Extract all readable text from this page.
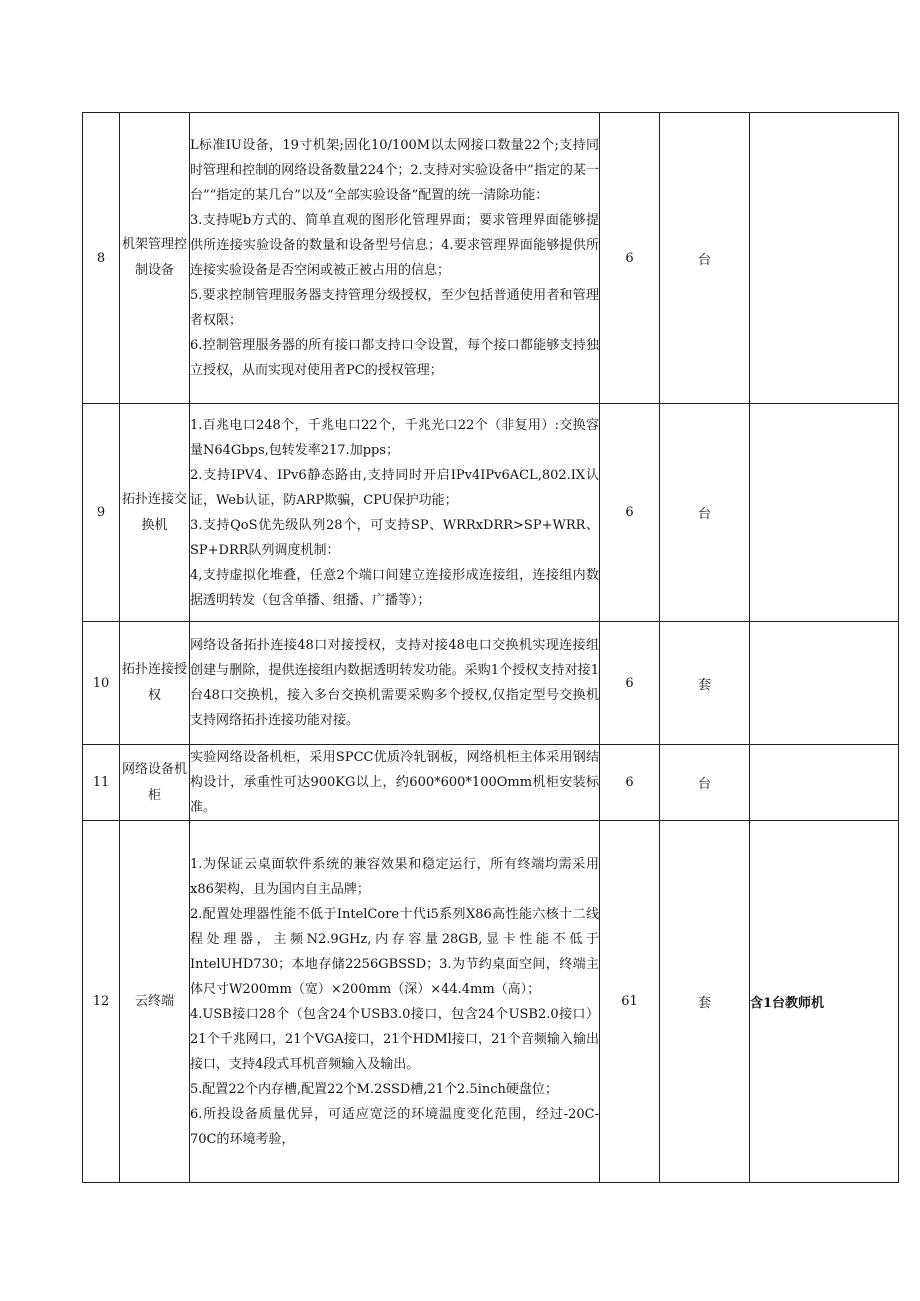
8	机架管理控制设备	L标准IU设备，19寸机架;固化10/100M以太网接口数量22个;支持同时管理和控制的网络设备数量224个；2.支持对实验设备中”指定的某一台”“指定的某几台”以及“全部实验设备”配置的统一清除功能：
3.支持呢b方式的、简单直观的图形化管理界面；要求管理界面能够提供所连接实验设备的数量和设备型号信息；4.要求管理界面能够提供所连接实验设备是否空闲或被正被占用的信息；
5.要求控制管理服务器支持管理分级授权，至少包括普通使用者和管理者权限；
6.控制管理服务器的所有接口都支持口令设置，每个接口都能够支持独立授权，从而实现对使用者PC的授权管理；	6	台	
9	拓扑连接交换机	1.百兆电口248个，千兆电口22个，千兆光口22个（非复用）:交换容量N64Gbps,包转发率217.加pps；
2.支持IPV4、IPv6静态路由,支持同时开启IPv4IPv6ACL,802.IX认证，Web认证，防ARP欺骗，CPU保护功能；
3.支持QoS优先级队列28个，可支持SP、WRRxDRR>SP+WRR、SP+DRR队列调度机制：
4,支持虚拟化堆叠，任意2个端口间建立连接形成连接组，连接组内数据透明转发（包含单播、组播、广播等）；	6	台	
10	拓扑连接授权	网络设备拓扑连接48口对接授权，支持对接48电口交换机实现连接组创建与删除，提供连接组内数据透明转发功能。采购1个授权支持对接1台48口交换机，接入多台交换机需要采购多个授权,仅指定型号交换机支持网络拓扑连接功能对接。	6	套	
11	网络设备机柜	实验网络设备机柜，采用SPCC优质冷轧钢板，网络机柜主体采用钢结构设计，承重性可达900KG以上，约600*600*100Omm机柜安装标准。	6	台	
12	云终端	1.为保证云桌面软件系统的兼容效果和稳定运行，所有终端均需采用x86架构，且为国内自主品牌；
2.配置处理器性能不低于IntelCore十代i5系列X86高性能六核十二线程处理器，主频N2.9GHz,内存容量28GB,显卡性能不低于IntelUHD730；本地存储2256GBSSD；3.为节约桌面空间，终端主体尺寸W200mm（宽）×200mm（深）×44.4mm（高）；
4.USB接口28个（包含24个USB3.0接口，包含24个USB2.0接口）21个千兆网口，21个VGA接口，21个HDMl接口，21个音频输入输出接口，支持4段式耳机音频输入及输出。
5.配置22个内存槽,配置22个M.2SSD槽,21个2.5inch硬盘位；
6.所投设备质量优异，可适应宽泛的环境温度变化范围，经过-20C-70C的环境考验，	61	套	含1台教师机
